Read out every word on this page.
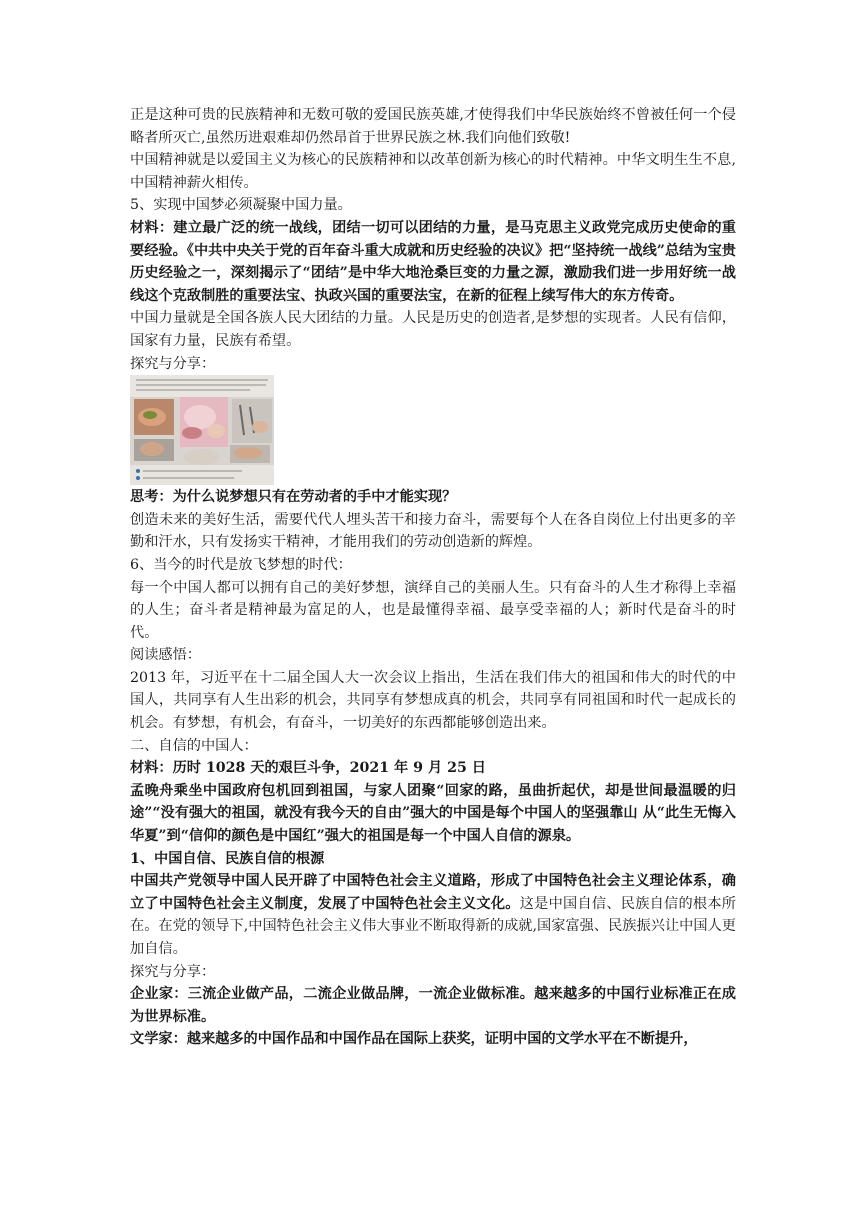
正是这种可贵的民族精神和无数可敬的爱国民族英雄,才使得我们中华民族始终不曾被任何一个侵略者所灭亡,虽然历进艰难却仍然昂首于世界民族之林.我们向他们致敬!

中国精神就是以爱国主义为核心的民族精神和以改革创新为核心的时代精神。中华文明生生不息,中国精神薪火相传。

5、实现中国梦必须凝聚中国力量。

材料：建立最广泛的统一战线，团结一切可以团结的力量，是马克思主义政党完成历史使命的重要经验。《中共中央关于党的百年奋斗重大成就和历史经验的决议》把“坚持统一战线”总结为宝贵历史经验之一，深刻揭示了“团结”是中华大地沧桑巨变的力量之源，激励我们进一步用好统一战线这个克敌制胜的重要法宝、执政兴国的重要法宝，在新的征程上续写伟大的东方传奇。

中国力量就是全国各族人民大团结的力量。人民是历史的创造者,是梦想的实现者。人民有信仰，国家有力量，民族有希望。

探究与分享：

思考：为什么说梦想只有在劳动者的手中才能实现？

创造未来的美好生活，需要代代人埋头苦干和接力奋斗，需要每个人在各自岗位上付出更多的辛勤和汗水，只有发扬实干精神，才能用我们的劳动创造新的辉煌。

6、当今的时代是放飞梦想的时代：

每一个中国人都可以拥有自己的美好梦想，演绎自己的美丽人生。只有奋斗的人生才称得上幸福的人生；奋斗者是精神最为富足的人，也是最懂得幸福、最享受幸福的人；新时代是奋斗的时代。

阅读感悟：

2013 年，习近平在十二届全国人大一次会议上指出，生活在我们伟大的祖国和伟大的时代的中国人，共同享有人生出彩的机会，共同享有梦想成真的机会，共同享有同祖国和时代一起成长的机会。有梦想，有机会，有奋斗，一切美好的东西都能够创造出来。

二、自信的中国人：

材料：历时 1028 天的艰巨斗争，2021 年 9 月 25 日

孟晚舟乘坐中国政府包机回到祖国，与家人团聚“回家的路，虽曲折起伏，却是世间最温暖的归途”“没有强大的祖国，就没有我今天的自由”强大的中国是每个中国人的坚强靠山 从“此生无悔入华夏”到“信仰的颜色是中国红”强大的祖国是每一个中国人自信的源泉。

1、中国自信、民族自信的根源

中国共产党领导中国人民开辟了中国特色社会主义道路，形成了中国特色社会主义理论体系，确立了中国特色社会主义制度，发展了中国特色社会主义文化。这是中国自信、民族自信的根本所在。在党的领导下,中国特色社会主义伟大事业不断取得新的成就,国家富强、民族振兴让中国人更加自信。

探究与分享：

企业家：三流企业做产品，二流企业做品牌，一流企业做标准。越来越多的中国行业标准正在成为世界标准。

文学家：越来越多的中国作品和中国作品在国际上获奖，证明中国的文学水平在不断提升，
